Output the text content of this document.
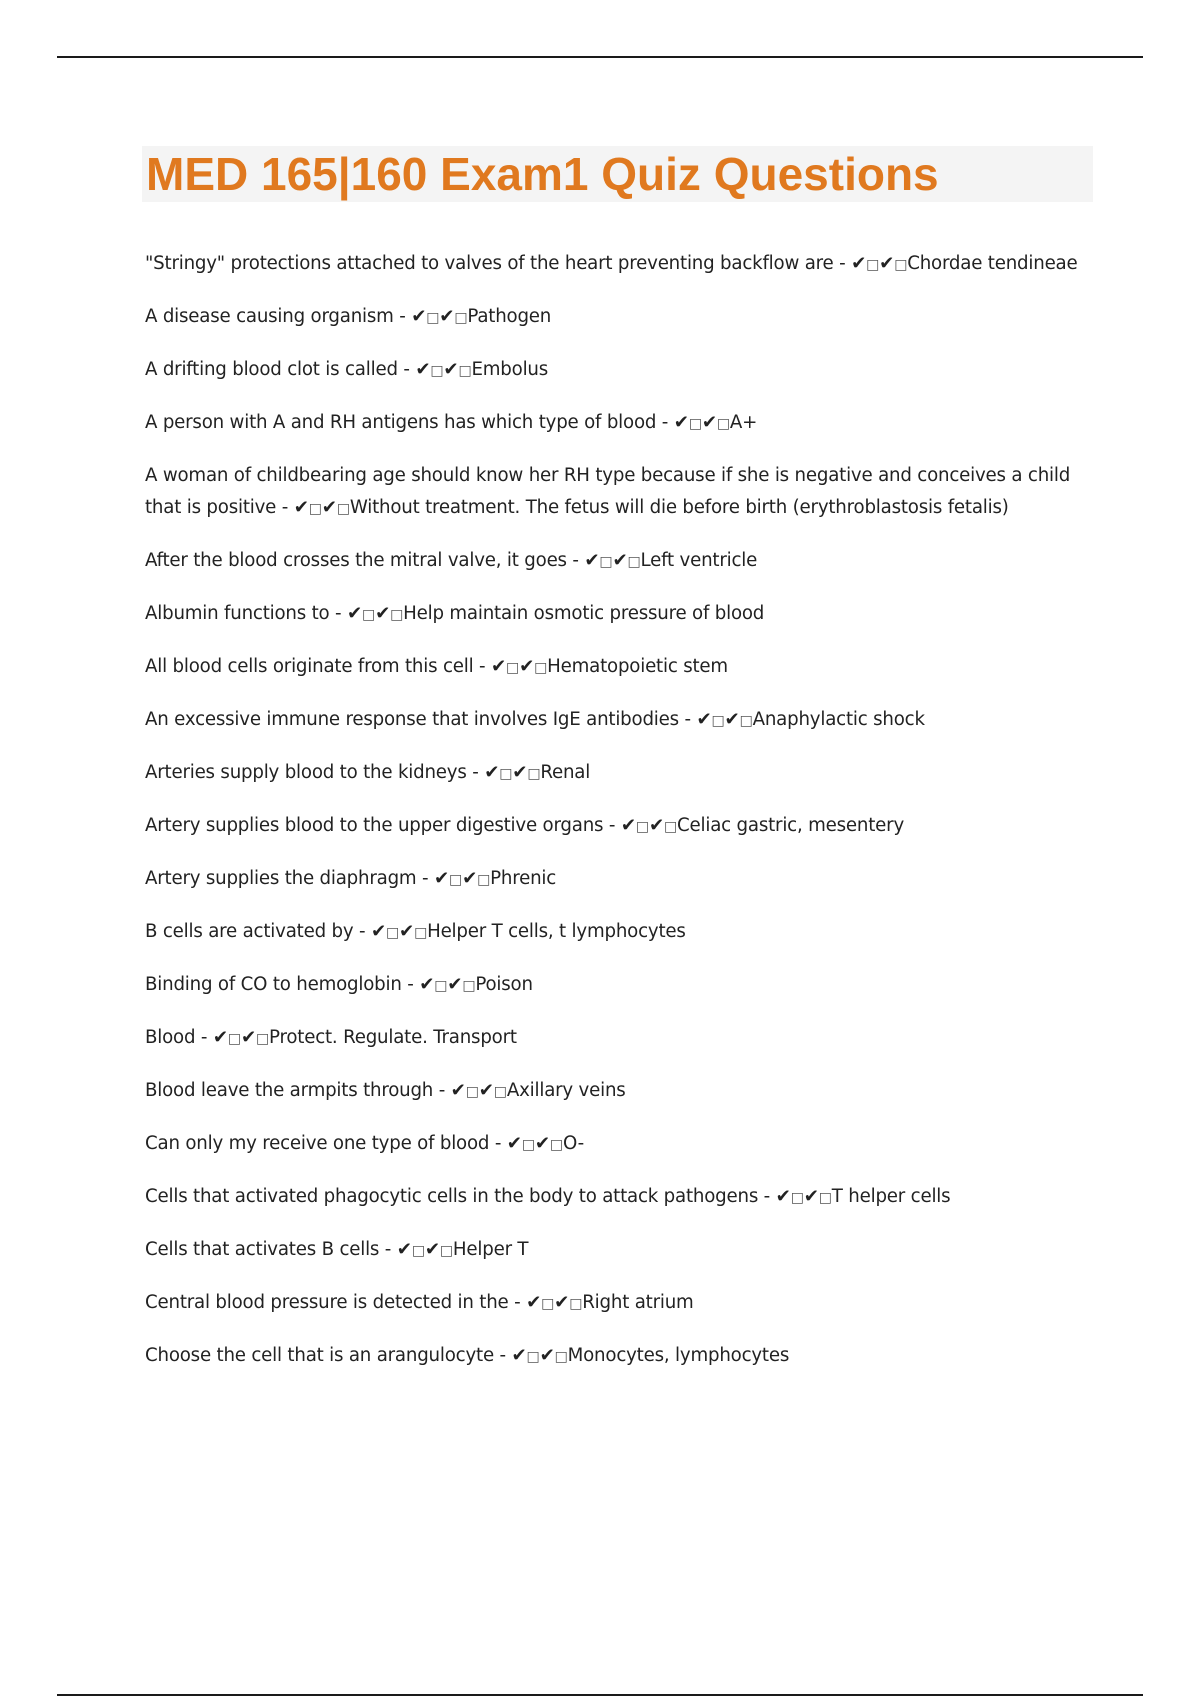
MED 165|160 Exam1 Quiz Questions
"Stringy" protections attached to valves of the heart preventing backflow are - ✔□✔□Chordae tendineae
A disease causing organism - ✔□✔□Pathogen
A drifting blood clot is called - ✔□✔□Embolus
A person with A and RH antigens has which type of blood - ✔□✔□A+
A woman of childbearing age should know her RH type because if she is negative and conceives a child that is positive - ✔□✔□Without treatment. The fetus will die before birth (erythroblastosis fetalis)
After the blood crosses the mitral valve, it goes - ✔□✔□Left ventricle
Albumin functions to - ✔□✔□Help maintain osmotic pressure of blood
All blood cells originate from this cell - ✔□✔□Hematopoietic stem
An excessive immune response that involves IgE antibodies - ✔□✔□Anaphylactic shock
Arteries supply blood to the kidneys - ✔□✔□Renal
Artery supplies blood to the upper digestive organs - ✔□✔□Celiac gastric, mesentery
Artery supplies the diaphragm - ✔□✔□Phrenic
B cells are activated by - ✔□✔□Helper T cells, t lymphocytes
Binding of CO to hemoglobin - ✔□✔□Poison
Blood - ✔□✔□Protect. Regulate. Transport
Blood leave the armpits through - ✔□✔□Axillary veins
Can only my receive one type of blood - ✔□✔□O-
Cells that activated phagocytic cells in the body to attack pathogens - ✔□✔□T helper cells
Cells that activates B cells - ✔□✔□Helper T
Central blood pressure is detected in the - ✔□✔□Right atrium
Choose the cell that is an arangulocyte - ✔□✔□Monocytes, lymphocytes
